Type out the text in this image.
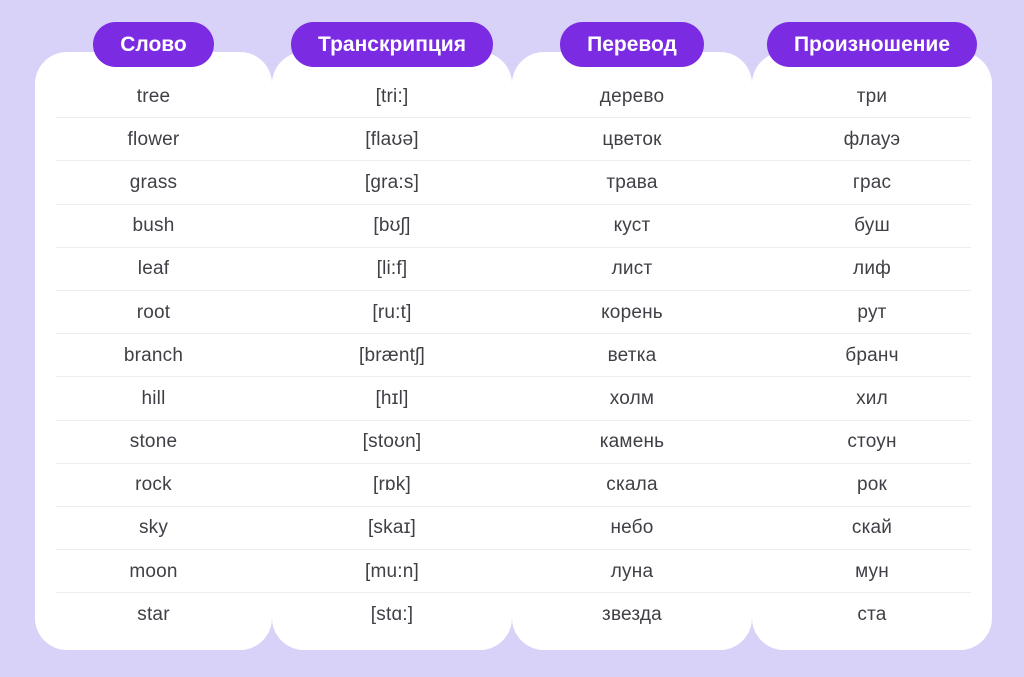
Слово	Транскрипция	Перевод	Произношение
tree	[tri:]	дерево	три
flower	[flaʊə]	цветок	флауэ
grass	[gra:s]	трава	грас
bush	[bʊʃ]	куст	буш
leaf	[li:f]	лист	лиф
root	[ru:t]	корень	рут
branch	[bræntʃ]	ветка	бранч
hill	[hɪl]	холм	хил
stone	[stoʊn]	камень	стоун
rock	[rɒk]	скала	рок
sky	[skaɪ]	небо	скай
moon	[mu:n]	луна	мун
star	[stɑ:]	звезда	ста
